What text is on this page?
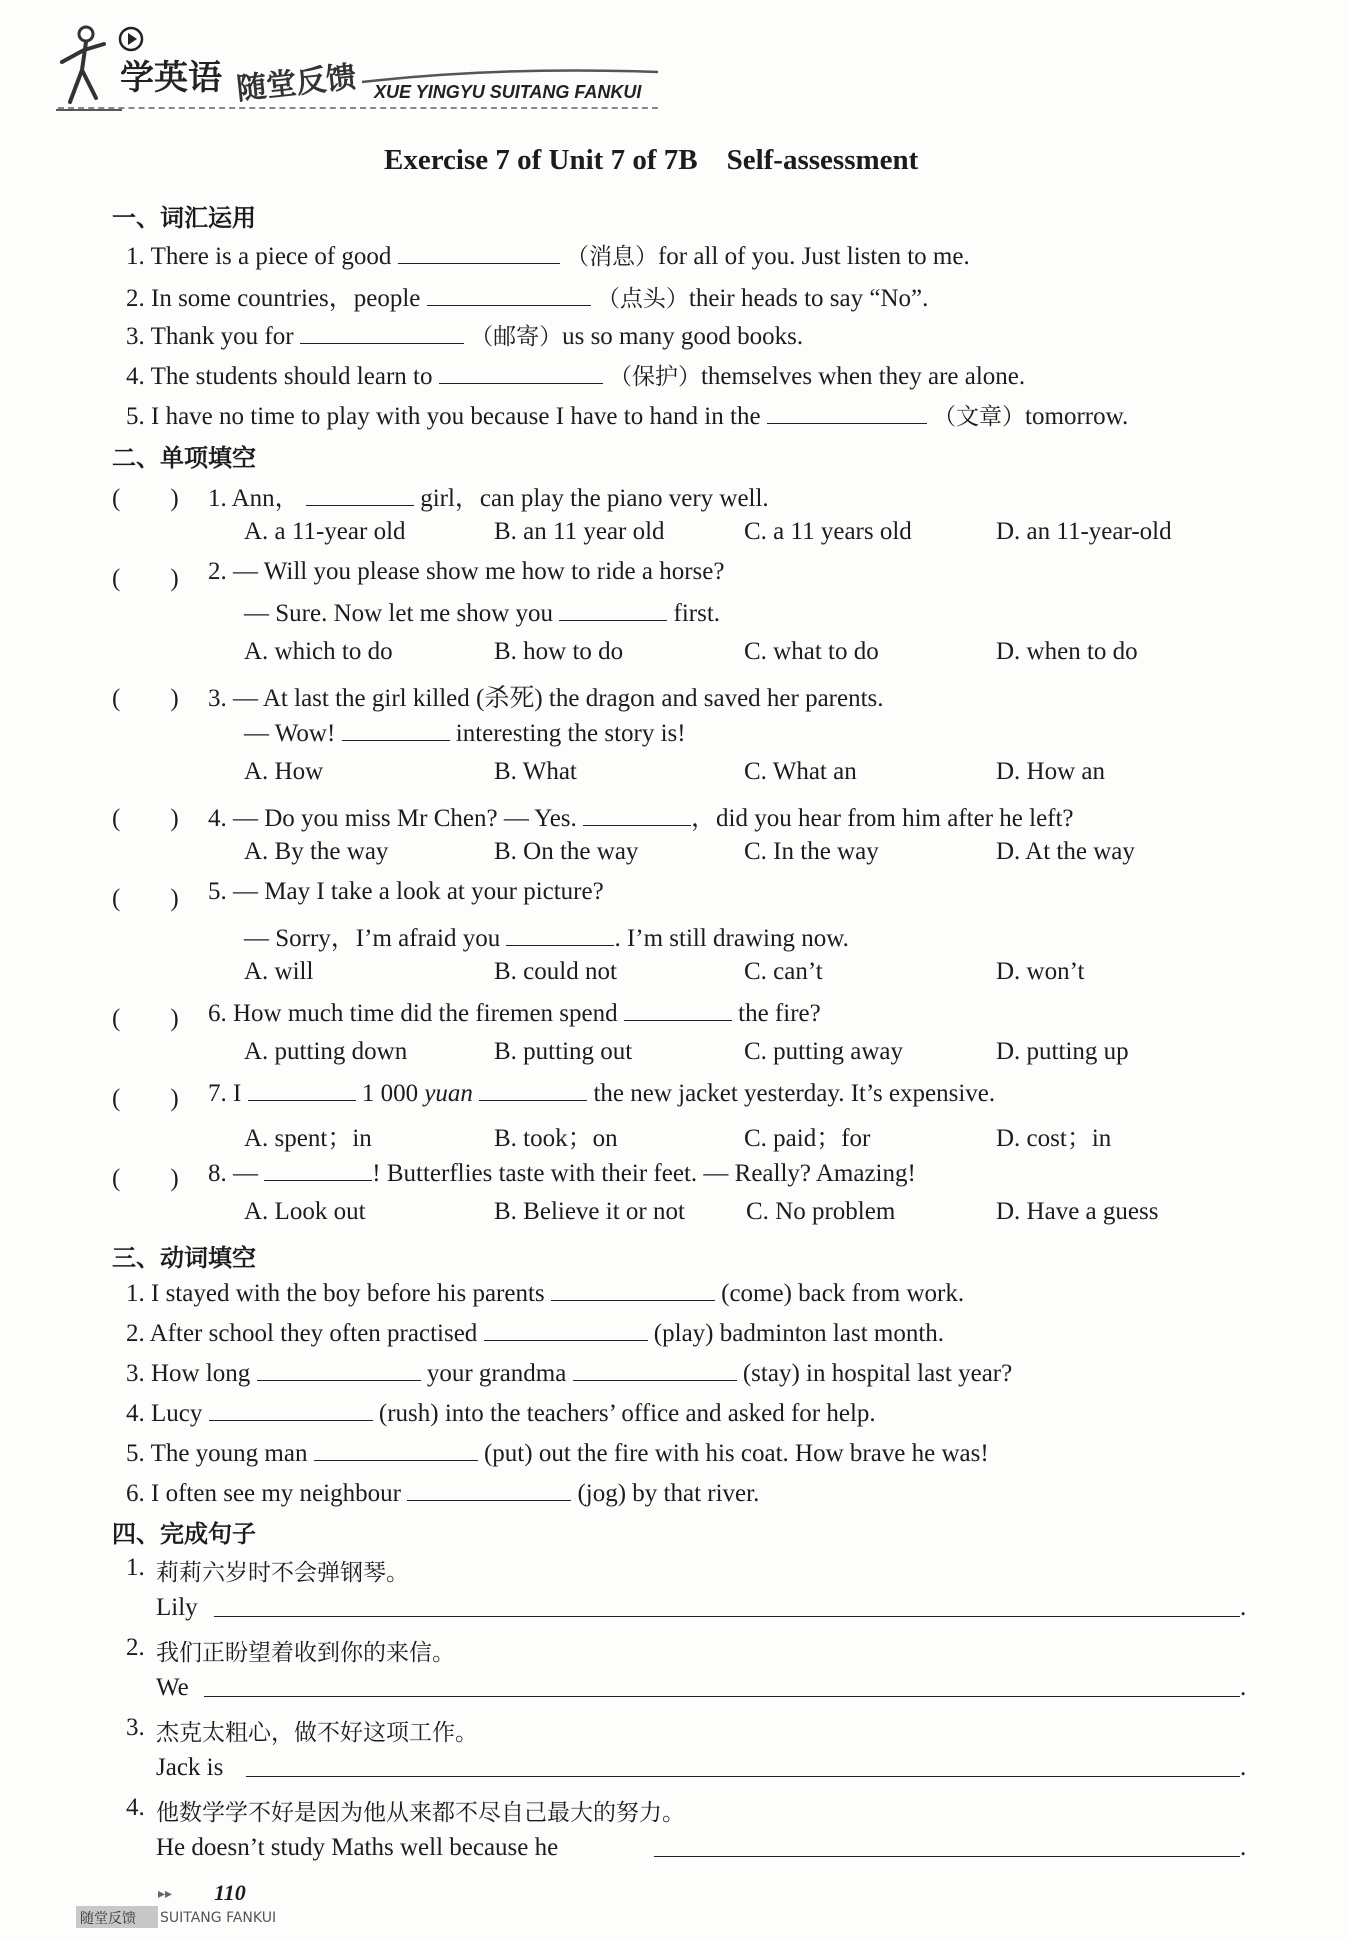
学英语 随堂反馈 XUE YINGYU SUITANG FANKUI
Exercise 7 of Unit 7 of 7B    Self-assessment
一、词汇运用
1. There is a piece of good	（消息）for all of you. Just listen to me.
2. In some countries，people	（点头）their heads to say “No”.
3. Thank you for	（邮寄）us so many good books.
4. The students should learn to	（保护）themselves when they are alone.
5. I have no time to play with you because I have to hand in the	（文章）tomorrow.
二、单项填空
(　　) 1. Ann，	girl，can play the piano very well.
A. a 11-year old	B. an 11 year old	C. a 11 years old	D. an 11-year-old
(　　) 2. — Will you please show me how to ride a horse?
— Sure. Now let me show you	first.
A. which to do	B. how to do	C. what to do	D. when to do
(　　) 3. — At last the girl killed (杀死) the dragon and saved her parents.
— Wow!	interesting the story is!
A. How	B. What	C. What an	D. How an
(　　) 4. — Do you miss Mr Chen? — Yes.	，did you hear from him after he left?
A. By the way	B. On the way	C. In the way	D. At the way
(　　) 5. — May I take a look at your picture?
— Sorry，I’m afraid you	. I’m still drawing now.
A. will	B. could not	C. can’t	D. won’t
(　　) 6. How much time did the firemen spend	the fire?
A. putting down	B. putting out	C. putting away	D. putting up
(　　) 7. I	1 000 yuan	the new jacket yesterday. It’s expensive.
A. spent；in	B. took；on	C. paid；for	D. cost；in
(　　) 8. —	! Butterflies taste with their feet. — Really? Amazing!
A. Look out	B. Believe it or not C. No problem	D. Have a guess
三、动词填空
1. I stayed with the boy before his parents	(come) back from work.
2. After school they often practised	(play) badminton last month.
3. How long	your grandma	(stay) in hospital last year?
4. Lucy	(rush) into the teachers’ office and asked for help.
5. The young man	(put) out the fire with his coat. How brave he was!
6. I often see my neighbour	(jog) by that river.
四、完成句子
1. 莉莉六岁时不会弹钢琴。
Lily	.
2. 我们正盼望着收到你的来信。
We	.
3. 杰克太粗心，做不好这项工作。
Jack is	.
4. 他数学学不好是因为他从来都不尽自己最大的努力。
He doesn’t study Maths well because he	.
▸▸ 110
随堂反馈 SUITANG FANKUI
